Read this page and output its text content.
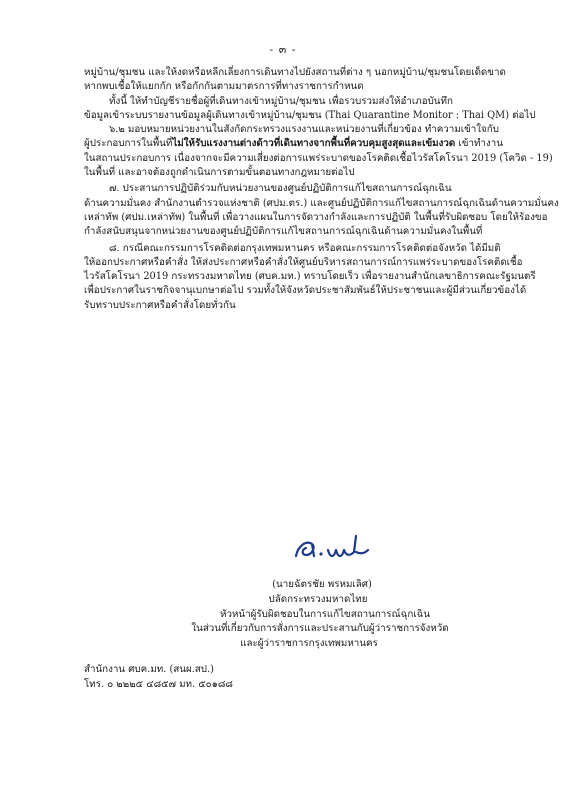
- ๓ -
หมู่บ้าน/ชุมชน และให้งดหรือหลีกเลี่ยงการเดินทางไปยังสถานที่ต่าง ๆ นอกหมู่บ้าน/ชุมชนโดยเด็ดขาด
หากพบเชื้อให้แยกกัก หรือกักกันตามมาตรการที่ทางราชการกำหนด
ทั้งนี้ ให้ทำบัญชีรายชื่อผู้ที่เดินทางเข้าหมู่บ้าน/ชุมชน เพื่อรวบรวมส่งให้อำเภอบันทึก
ข้อมูลเข้าระบบรายงานข้อมูลผู้เดินทางเข้าหมู่บ้าน/ชุมชน (Thai Quarantine Monitor : Thai QM) ต่อไป
๖.๒ มอบหมายหน่วยงานในสังกัดกระทรวงแรงงานและหน่วยงานที่เกี่ยวข้อง ทำความเข้าใจกับ
ผู้ประกอบการในพื้นที่ไม่ให้รับแรงงานต่างด้าวที่เดินทางจากพื้นที่ควบคุมสูงสุดและเข้มงวด เข้าทำงาน
ในสถานประกอบการ เนื่องจากจะมีความเสี่ยงต่อการแพร่ระบาดของโรคติดเชื้อไวรัสโคโรนา 2019 (โควิด - 19)
ในพื้นที่ และอาจต้องถูกดำเนินการตามขั้นตอนทางกฎหมายต่อไป
๗. ประสานการปฏิบัติร่วมกับหน่วยงานของศูนย์ปฏิบัติการแก้ไขสถานการณ์ฉุกเฉิน
ด้านความมั่นคง สำนักงานตำรวจแห่งชาติ (ศปม.ตร.) และศูนย์ปฏิบัติการแก้ไขสถานการณ์ฉุกเฉินด้านความมั่นคง
เหล่าทัพ (ศปม.เหล่าทัพ) ในพื้นที่ เพื่อวางแผนในการจัดวางกำลังและการปฏิบัติ ในพื้นที่รับผิดชอบ โดยให้ร้องขอ
กำลังสนับสนุนจากหน่วยงานของศูนย์ปฏิบัติการแก้ไขสถานการณ์ฉุกเฉินด้านความมั่นคงในพื้นที่
๘. กรณีคณะกรรมการโรคติดต่อกรุงเทพมหานคร หรือคณะกรรมการโรคติดต่อจังหวัด ได้มีมติ
ให้ออกประกาศหรือคำสั่ง ให้ส่งประกาศหรือคำสั่งให้ศูนย์บริหารสถานการณ์การแพร่ระบาดของโรคติดเชื้อ
ไวรัสโคโรนา 2019 กระทรวงมหาดไทย (ศบค.มท.) ทราบโดยเร็ว เพื่อรายงานสำนักเลขาธิการคณะรัฐมนตรี
เพื่อประกาศในราชกิจจานุเบกษาต่อไป รวมทั้งให้จังหวัดประชาสัมพันธ์ให้ประชาชนและผู้มีส่วนเกี่ยวข้องได้
รับทราบประกาศหรือคำสั่งโดยทั่วกัน
(นายฉัตรชัย พรหมเลิศ)
ปลัดกระทรวงมหาดไทย
หัวหน้าผู้รับผิดชอบในการแก้ไขสถานการณ์ฉุกเฉิน
ในส่วนที่เกี่ยวกับการสั่งการและประสานกับผู้ว่าราชการจังหวัด
และผู้ว่าราชการกรุงเทพมหานคร
สำนักงาน ศบค.มท. (สนผ.สป.)
โทร. ๐ ๒๒๒๕ ๔๘๕๗ มท. ๕๐๑๘๘
